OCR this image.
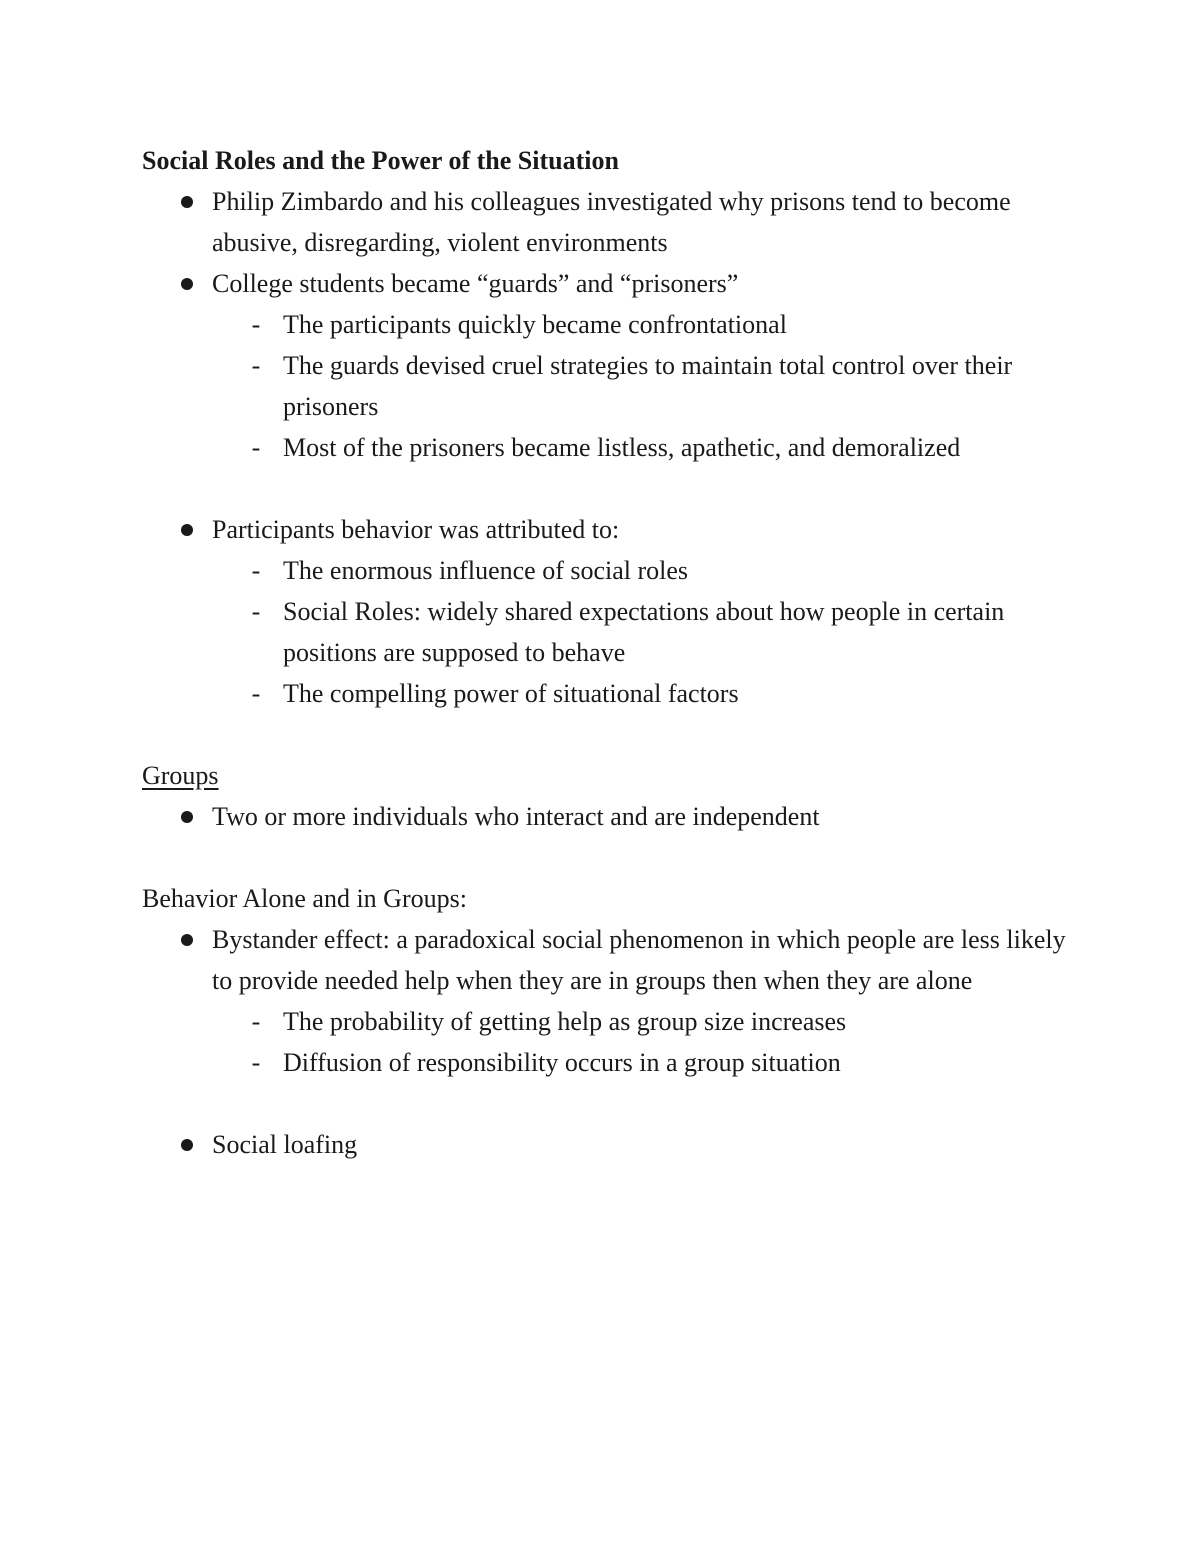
Social Roles and the Power of the Situation

Philip Zimbardo and his colleagues investigated why prisons tend to become abusive, disregarding, violent environments
College students became “guards” and “prisoners”
- The participants quickly became confrontational
- The guards devised cruel strategies to maintain total control over their prisoners
- Most of the prisoners became listless, apathetic, and demoralized
Participants behavior was attributed to:
- The enormous influence of social roles
- Social Roles: widely shared expectations about how people in certain positions are supposed to behave
- The compelling power of situational factors

Groups

Two or more individuals who interact and are independent

Behavior Alone and in Groups:

Bystander effect: a paradoxical social phenomenon in which people are less likely to provide needed help when they are in groups then when they are alone
- The probability of getting help as group size increases
- Diffusion of responsibility occurs in a group situation
Social loafing
